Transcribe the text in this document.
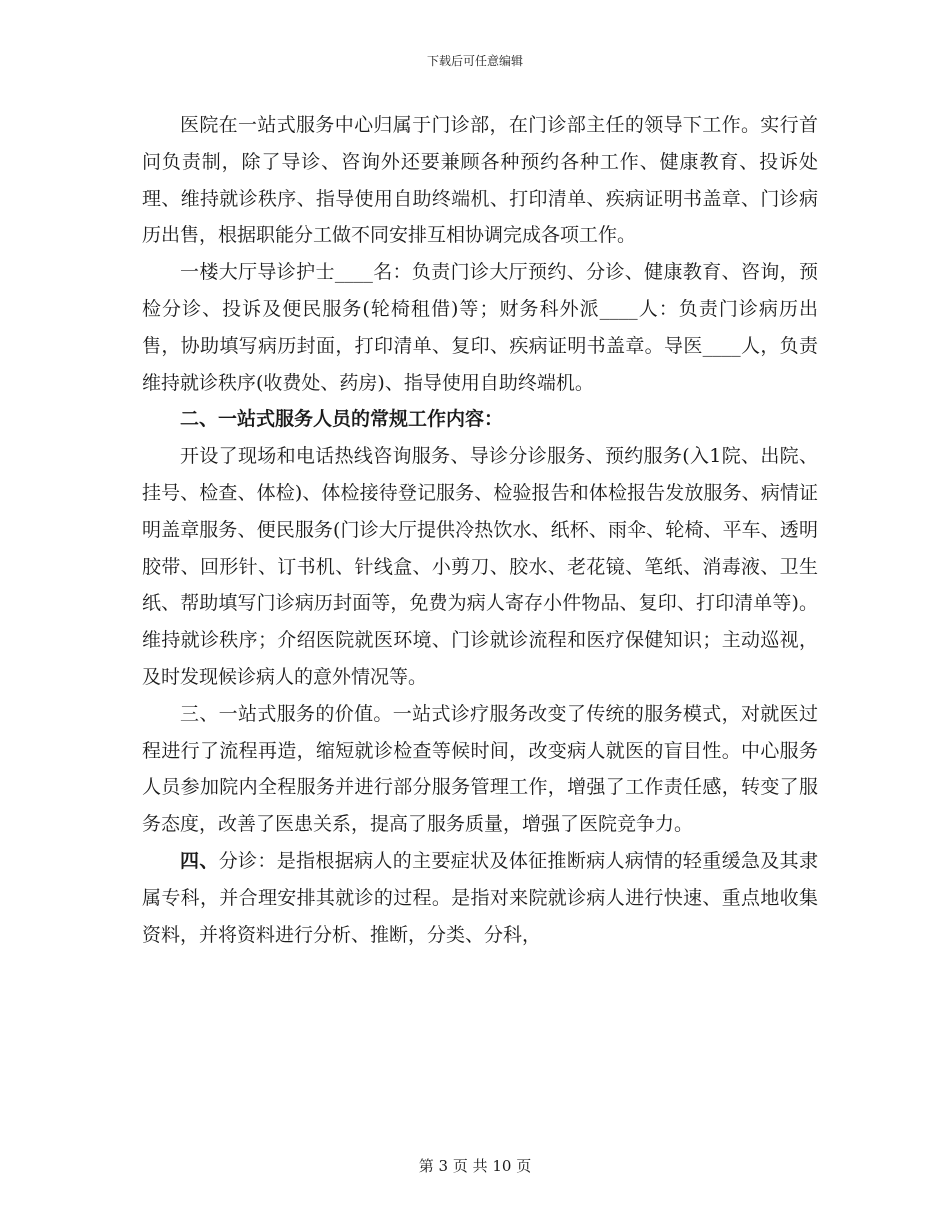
下载后可任意编辑

医院在一站式服务中心归属于门诊部，在门诊部主任的领导下工作。实行首问负责制，除了导诊、咨询外还要兼顾各种预约各种工作、健康教育、投诉处理、维持就诊秩序、指导使用自助终端机、打印清单、疾病证明书盖章、门诊病历出售，根据职能分工做不同安排互相协调完成各项工作。

一楼大厅导诊护士____名：负责门诊大厅预约、分诊、健康教育、咨询，预检分诊、投诉及便民服务(轮椅租借)等；财务科外派____人：负责门诊病历出售，协助填写病历封面，打印清单、复印、疾病证明书盖章。导医____人，负责维持就诊秩序(收费处、药房)、指导使用自助终端机。

二、一站式服务人员的常规工作内容：

开设了现场和电话热线咨询服务、导诊分诊服务、预约服务(入1院、出院、挂号、检查、体检)、体检接待登记服务、检验报告和体检报告发放服务、病情证明盖章服务、便民服务(门诊大厅提供冷热饮水、纸杯、雨伞、轮椅、平车、透明胶带、回形针、订书机、针线盒、小剪刀、胶水、老花镜、笔纸、消毒液、卫生纸、帮助填写门诊病历封面等，免费为病人寄存小件物品、复印、打印清单等)。维持就诊秩序；介绍医院就医环境、门诊就诊流程和医疗保健知识；主动巡视，及时发现候诊病人的意外情况等。

三、一站式服务的价值。一站式诊疗服务改变了传统的服务模式，对就医过程进行了流程再造，缩短就诊检查等候时间，改变病人就医的盲目性。中心服务人员参加院内全程服务并进行部分服务管理工作，增强了工作责任感，转变了服务态度，改善了医患关系，提高了服务质量，增强了医院竞争力。

四、分诊：是指根据病人的主要症状及体征推断病人病情的轻重缓急及其隶属专科，并合理安排其就诊的过程。是指对来院就诊病人进行快速、重点地收集资料，并将资料进行分析、推断，分类、分科，

第 3 页 共 10 页
